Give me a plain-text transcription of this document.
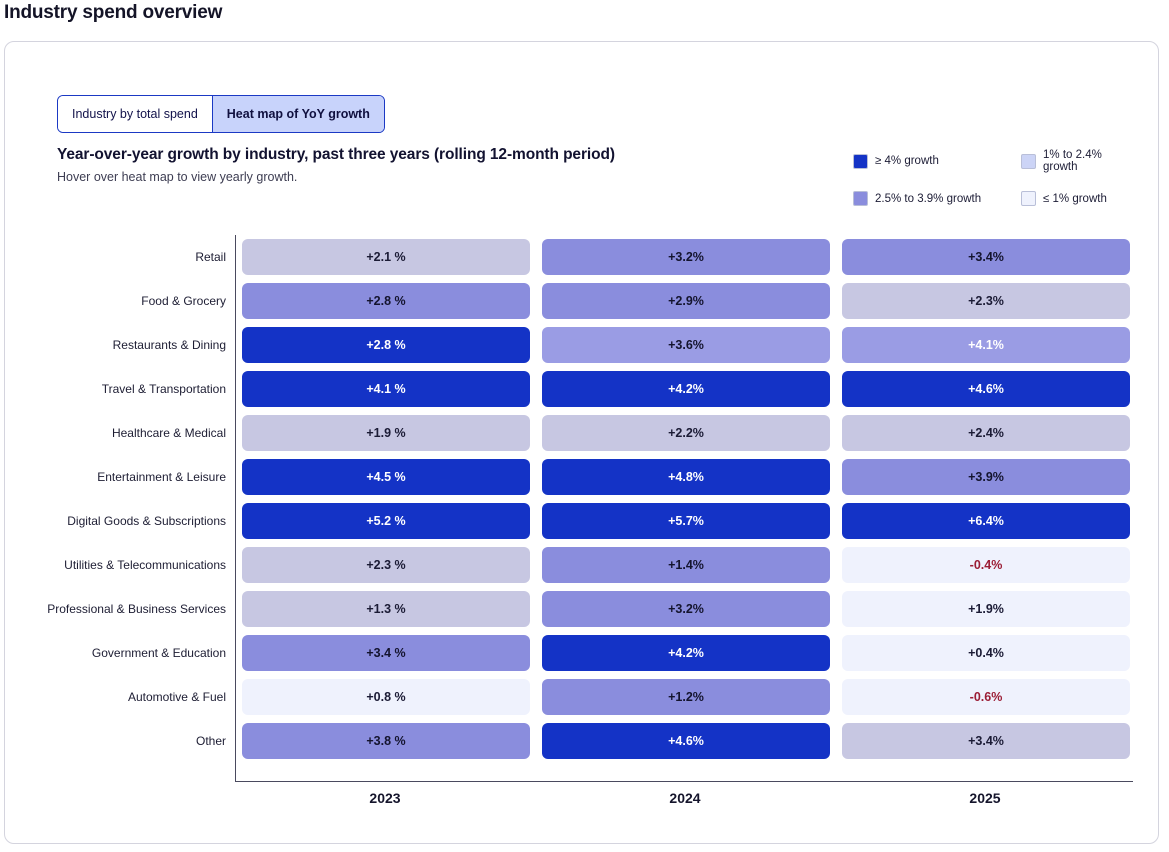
Industry spend overview
Industry by total spend	Heat map of YoY growth
Year-over-year growth by industry, past three years (rolling 12-month period)
Hover over heat map to view yearly growth.
≥ 4% growth	1% to 2.4% growth
2.5% to 3.9% growth	≤ 1% growth
Retail	+2.1 %	+3.2%	+3.4%
Food & Grocery	+2.8 %	+2.9%	+2.3%
Restaurants & Dining	+2.8 %	+3.6%	+4.1%
Travel & Transportation	+4.1 %	+4.2%	+4.6%
Healthcare & Medical	+1.9 %	+2.2%	+2.4%
Entertainment & Leisure	+4.5 %	+4.8%	+3.9%
Digital Goods & Subscriptions	+5.2 %	+5.7%	+6.4%
Utilities & Telecommunications	+2.3 %	+1.4%	-0.4%
Professional & Business Services	+1.3 %	+3.2%	+1.9%
Government & Education	+3.4 %	+4.2%	+0.4%
Automotive & Fuel	+0.8 %	+1.2%	-0.6%
Other	+3.8 %	+4.6%	+3.4%
2023	2024	2025
